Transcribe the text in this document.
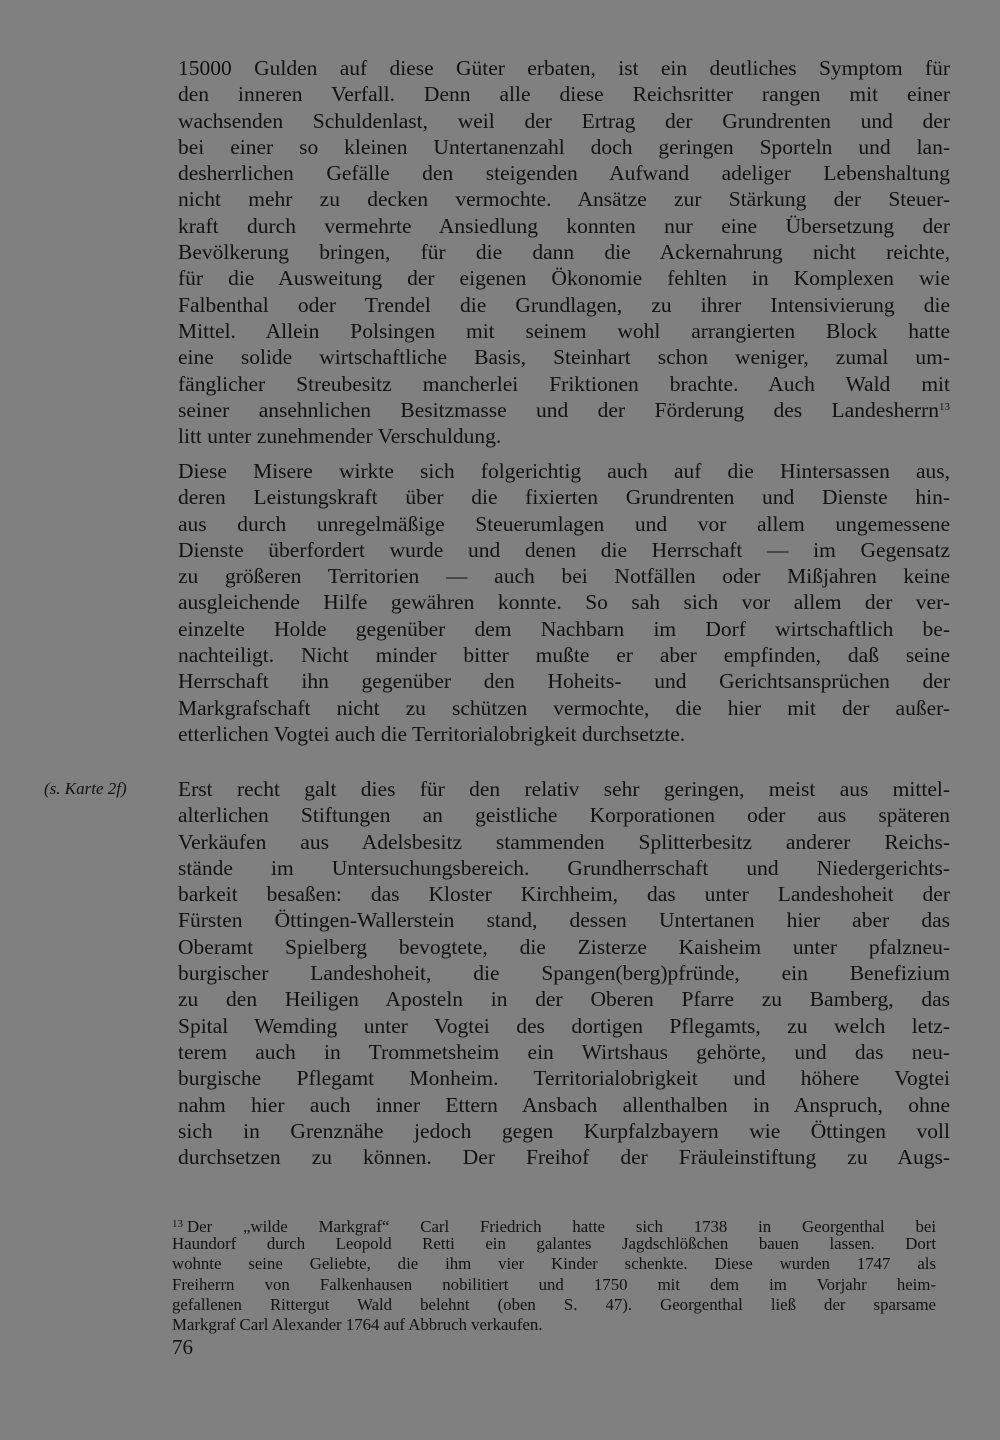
15000 Gulden auf diese Güter erbaten, ist ein deutliches Symptom für
den inneren Verfall. Denn alle diese Reichsritter rangen mit einer
wachsenden Schuldenlast, weil der Ertrag der Grundrenten und der
bei einer so kleinen Untertanenzahl doch geringen Sporteln und lan-
desherrlichen Gefälle den steigenden Aufwand adeliger Lebenshaltung
nicht mehr zu decken vermochte. Ansätze zur Stärkung der Steuer-
kraft durch vermehrte Ansiedlung konnten nur eine Übersetzung der
Bevölkerung bringen, für die dann die Ackernahrung nicht reichte,
für die Ausweitung der eigenen Ökonomie fehlten in Komplexen wie
Falbenthal oder Trendel die Grundlagen, zu ihrer Intensivierung die
Mittel. Allein Polsingen mit seinem wohl arrangierten Block hatte
eine solide wirtschaftliche Basis, Steinhart schon weniger, zumal um-
fänglicher Streubesitz mancherlei Friktionen brachte. Auch Wald mit
seiner ansehnlichen Besitzmasse und der Förderung des Landesherrn$^{13}$
litt unter zunehmender Verschuldung.
Diese Misere wirkte sich folgerichtig auch auf die Hintersassen aus,
deren Leistungskraft über die fixierten Grundrenten und Dienste hin-
aus durch unregelmäßige Steuerumlagen und vor allem ungemessene
Dienste überfordert wurde und denen die Herrschaft — im Gegensatz
zu größeren Territorien — auch bei Notfällen oder Mißjahren keine
ausgleichende Hilfe gewähren konnte. So sah sich vor allem der ver-
einzelte Holde gegenüber dem Nachbarn im Dorf wirtschaftlich be-
nachteiligt. Nicht minder bitter mußte er aber empfinden, daß seine
Herrschaft ihn gegenüber den Hoheits- und Gerichtsansprüchen der
Markgrafschaft nicht zu schützen vermochte, die hier mit der außer-
etterlichen Vogtei auch die Territorialobrigkeit durchsetzte.
(s. Karte 2f) Erst recht galt dies für den relativ sehr geringen, meist aus mittel-
alterlichen Stiftungen an geistliche Korporationen oder aus späteren
Verkäufen aus Adelsbesitz stammenden Splitterbesitz anderer Reichs-
stände im Untersuchungsbereich. Grundherrschaft und Niedergerichts-
barkeit besaßen: das Kloster Kirchheim, das unter Landeshoheit der
Fürsten Öttingen-Wallerstein stand, dessen Untertanen hier aber das
Oberamt Spielberg bevogtete, die Zisterze Kaisheim unter pfalzneu-
burgischer Landeshoheit, die Spangen(berg)pfründe, ein Benefizium
zu den Heiligen Aposteln in der Oberen Pfarre zu Bamberg, das
Spital Wemding unter Vogtei des dortigen Pflegamts, zu welch letz-
terem auch in Trommetsheim ein Wirtshaus gehörte, und das neu-
burgische Pflegamt Monheim. Territorialobrigkeit und höhere Vogtei
nahm hier auch inner Ettern Ansbach allenthalben in Anspruch, ohne
sich in Grenznähe jedoch gegen Kurpfalzbayern wie Öttingen voll
durchsetzen zu können. Der Freihof der Fräuleinstiftung zu Augs-
$^{13}$ Der „wilde Markgraf“ Carl Friedrich hatte sich 1738 in Georgenthal bei
Haundorf durch Leopold Retti ein galantes Jagdschlößchen bauen lassen. Dort
wohnte seine Geliebte, die ihm vier Kinder schenkte. Diese wurden 1747 als
Freiherrn von Falkenhausen nobilitiert und 1750 mit dem im Vorjahr heim-
gefallenen Rittergut Wald belehnt (oben S. 47). Georgenthal ließ der sparsame
Markgraf Carl Alexander 1764 auf Abbruch verkaufen.
76
